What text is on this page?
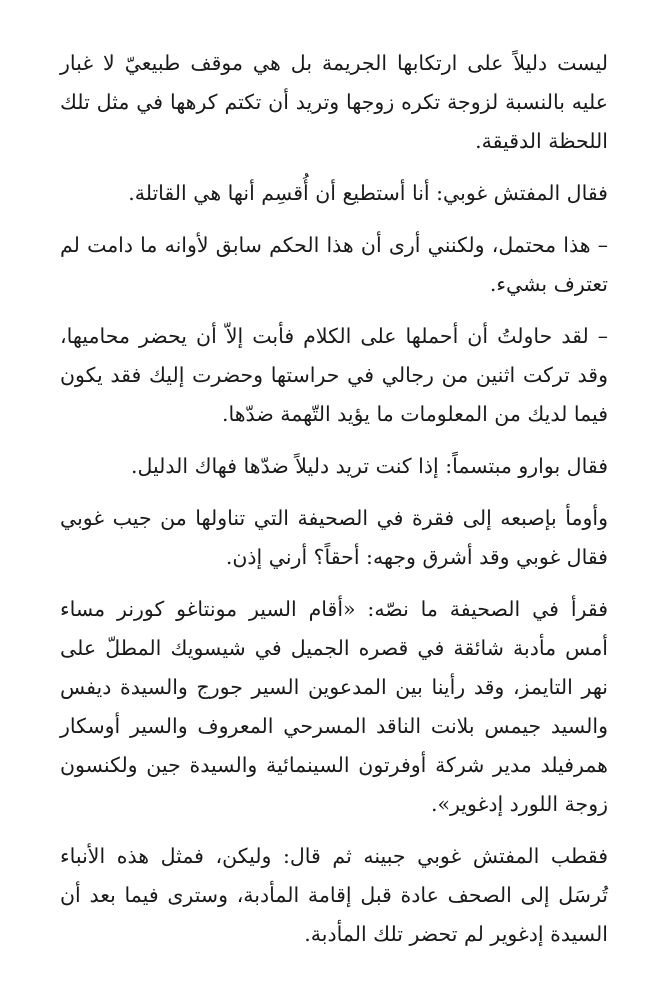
ليست دليلاً على ارتكابها الجريمة بل هي موقف طبيعيّ لا غبار عليه بالنسبة لزوجة تكره زوجها وتريد أن تكتم كرهها في مثل تلك اللحظة الدقيقة.

فقال المفتش غوبي: أنا أستطيع أن أُقسِم أنها هي القاتلة.

– هذا محتمل، ولكنني أرى أن هذا الحكم سابق لأوانه ما دامت لم تعترف بشيء.

– لقد حاولتُ أن أحملها على الكلام فأبت إلاّ أن يحضر محاميها، وقد تركت اثنين من رجالي في حراستها وحضرت إليك فقد يكون فيما لديك من المعلومات ما يؤيد التّهمة ضدّها.

فقال بوارو مبتسماً: إذا كنت تريد دليلاً ضدّها فهاك الدليل.

وأومأ بإصبعه إلى فقرة في الصحيفة التي تناولها من جيب غوبي فقال غوبي وقد أشرق وجهه: أحقاً؟ أرني إذن.

فقرأ في الصحيفة ما نصّه: «أقام السير مونتاغو كورنر مساء أمس مأدبة شائقة في قصره الجميل في شيسويك المطلّ على نهر التايمز، وقد رأينا بين المدعوين السير جورج والسيدة ديفس والسيد جيمس بلانت الناقد المسرحي المعروف والسير أوسكار همرفيلد مدير شركة أوفرتون السينمائية والسيدة جين ولكنسون زوجة اللورد إدغوير».

فقطب المفتش غوبي جبينه ثم قال: وليكن، فمثل هذه الأنباء تُرسَل إلى الصحف عادة قبل إقامة المأدبة، وسترى فيما بعد أن السيدة إدغوير لم تحضر تلك المأدبة.
